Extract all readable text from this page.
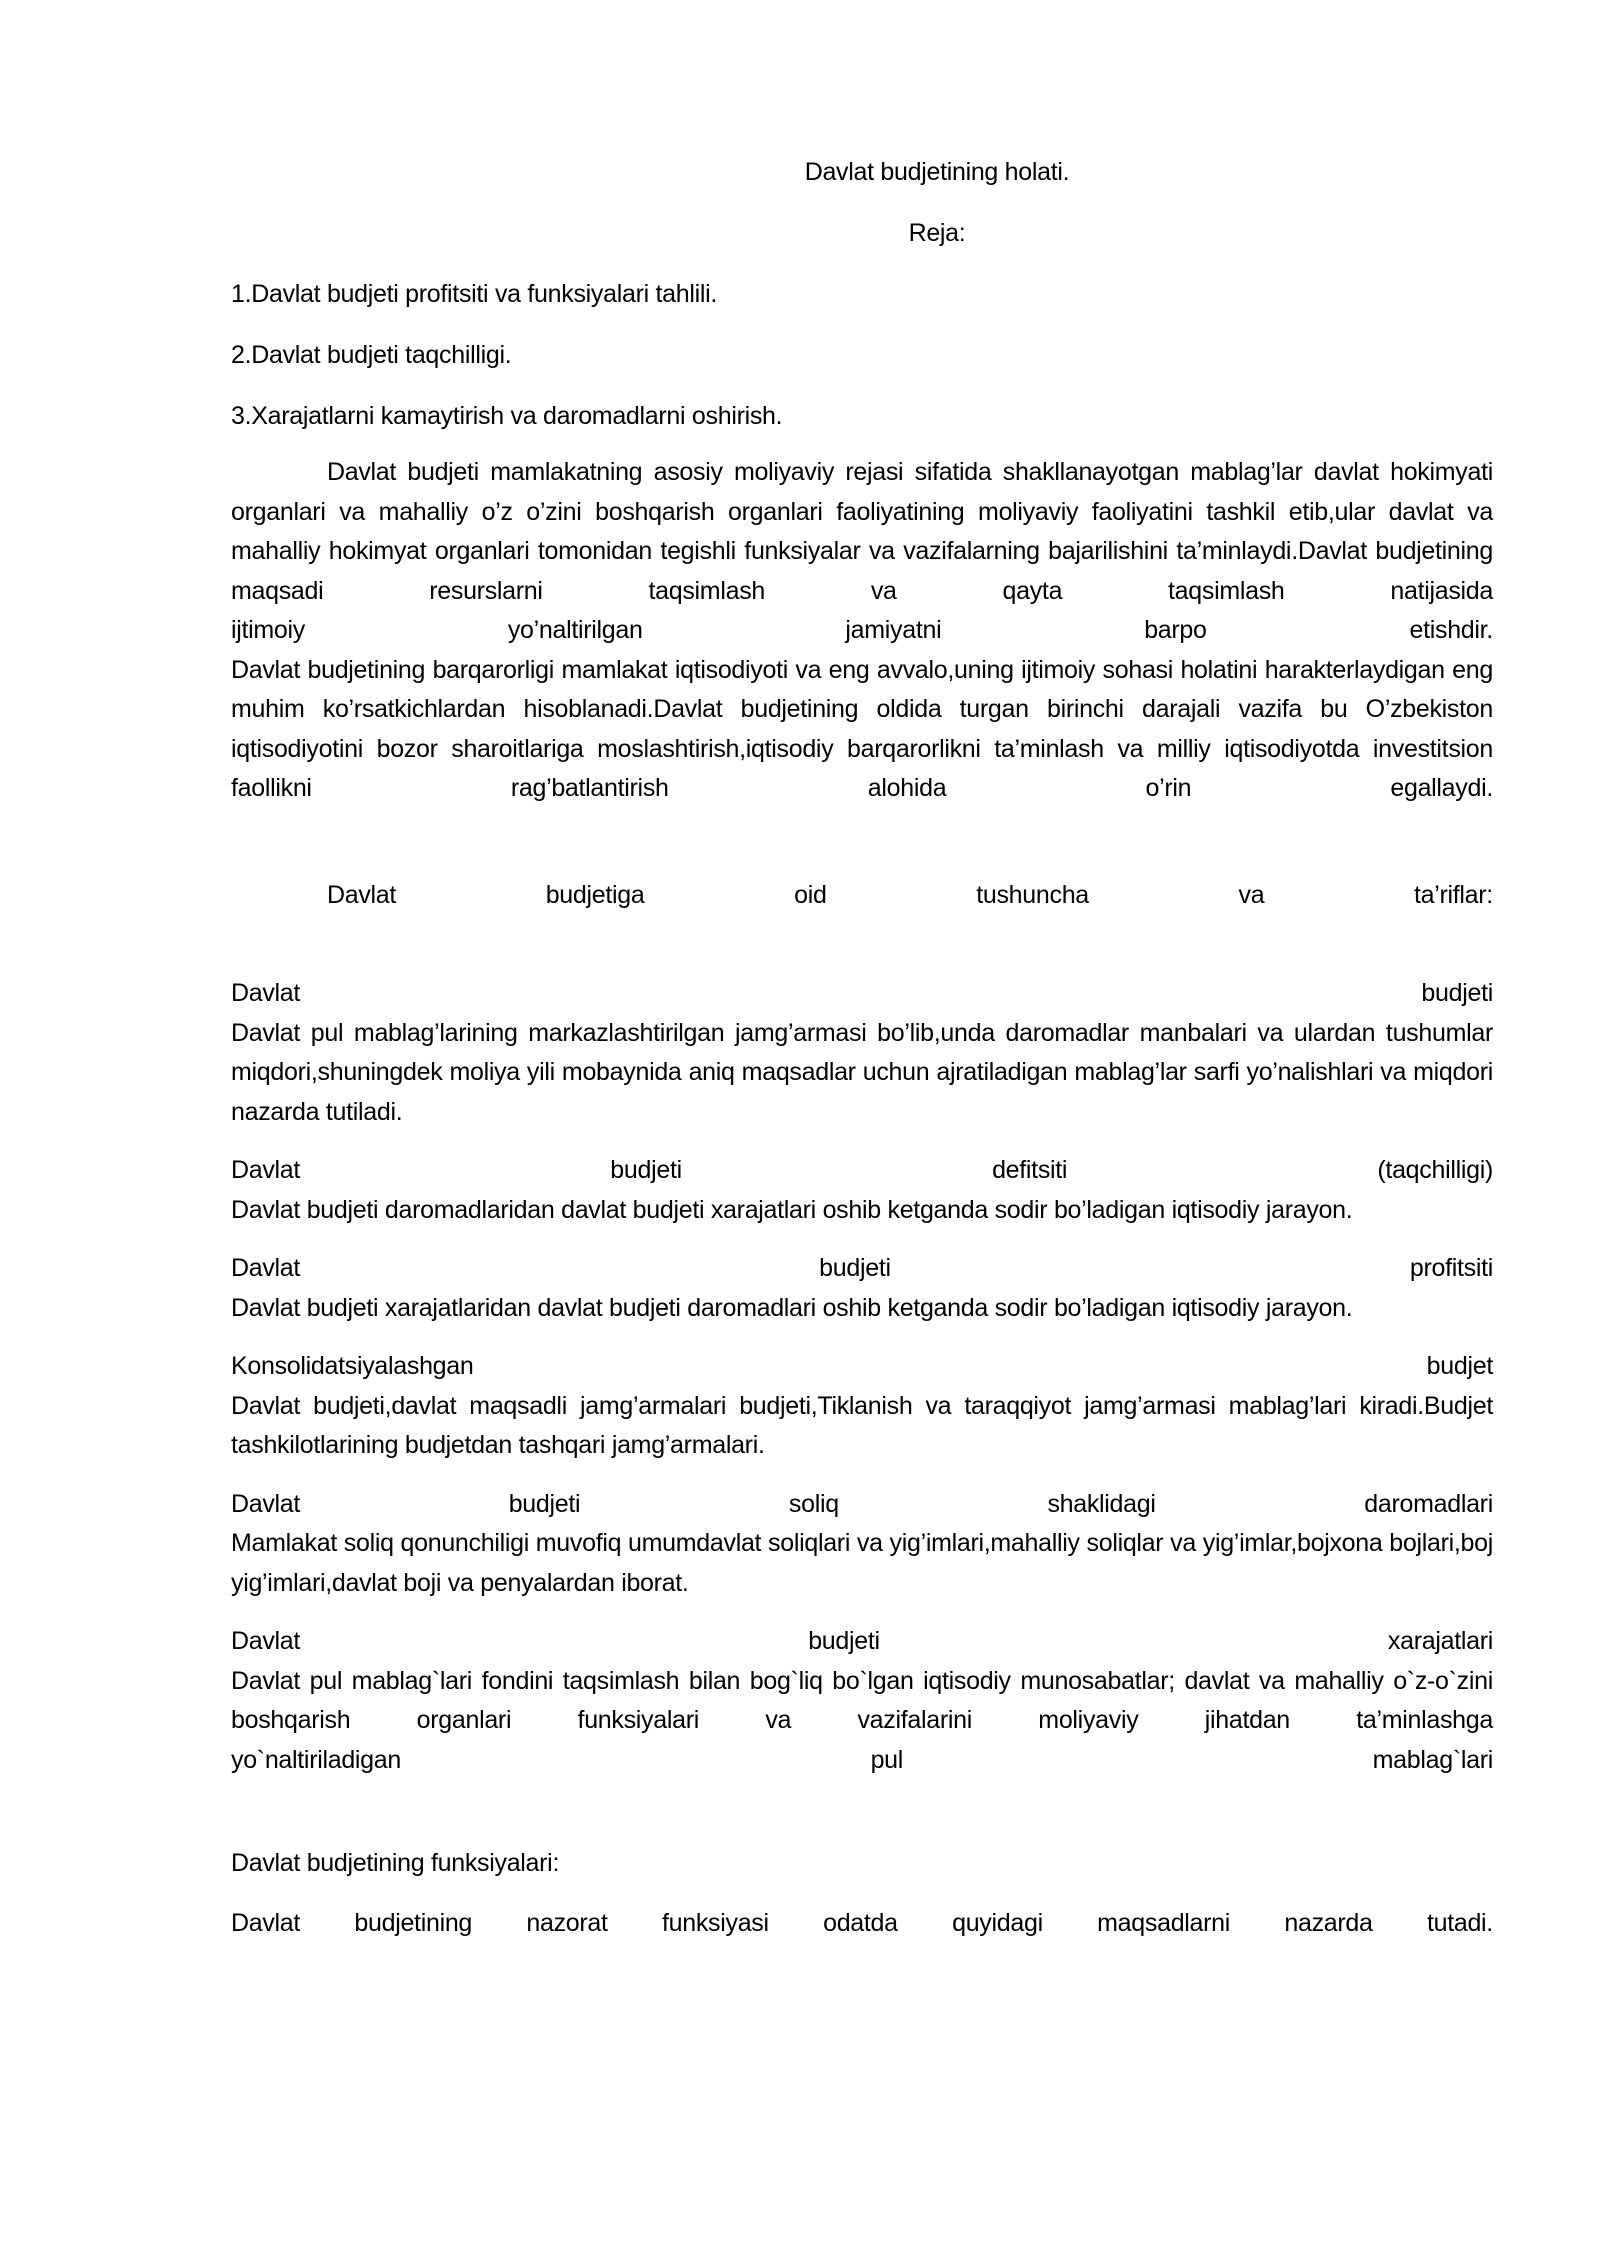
Davlat budjetining holati.

Reja:

1.Davlat budjeti profitsiti va funksiyalari tahlili.

2.Davlat budjeti taqchilligi.

3.Xarajatlarni kamaytirish va daromadlarni oshirish.

Davlat budjeti mamlakatning asosiy moliyaviy rejasi sifatida shakllanayotgan mablag’lar davlat hokimyati organlari va mahalliy o’z o’zini boshqarish organlari faoliyatining moliyaviy faoliyatini tashkil etib,ular davlat va mahalliy hokimyat organlari tomonidan tegishli funksiyalar va vazifalarning bajarilishini ta’minlaydi.Davlat budjetining maqsadi resurslarni taqsimlash va qayta taqsimlash natijasida

ijtimoiy	yo’naltirilgan	jamiyatni	barpo	etishdir.

Davlat budjetining barqarorligi mamlakat iqtisodiyoti va eng avvalo,uning ijtimoiy sohasi holatini harakterlaydigan eng muhim ko’rsatkichlardan hisoblanadi.Davlat budjetining oldida turgan birinchi darajali vazifa bu O’zbekiston iqtisodiyotini bozor sharoitlariga moslashtirish,iqtisodiy barqarorlikni ta’minlash va milliy iqtisodiyotda investitsion faollikni rag’batlantirish alohida o’rin egallaydi.

Davlat	budjetiga	oid	tushuncha	va	ta’riflar:
Davlat	budjeti

Davlat pul mablag’larining markazlashtirilgan jamg’armasi bo’lib,unda daromadlar manbalari va ulardan tushumlar miqdori,shuningdek moliya yili mobaynida aniq maqsadlar uchun ajratiladigan mablag’lar sarfi yo’nalishlari va miqdori nazarda tutiladi.

Davlat	budjeti	defitsiti	(taqchilligi)

Davlat budjeti daromadlaridan davlat budjeti xarajatlari oshib ketganda sodir bo’ladigan iqtisodiy jarayon.

Davlat	budjeti	profitsiti

Davlat budjeti xarajatlaridan davlat budjeti daromadlari oshib ketganda sodir bo’ladigan iqtisodiy jarayon.

Konsolidatsiyalashgan	budjet

Davlat budjeti,davlat maqsadli jamg’armalari budjeti,Tiklanish va taraqqiyot jamg’armasi mablag’lari kiradi.Budjet tashkilotlarining budjetdan tashqari jamg’armalari.

Davlat	budjeti	soliq	shaklidagi	daromadlari

Mamlakat soliq qonunchiligi muvofiq umumdavlat soliqlari va yig’imlari,mahalliy soliqlar va yig’imlar,bojxona bojlari,boj yig’imlari,davlat boji va penyalardan iborat.

Davlat	budjeti	xarajatlari

Davlat pul mablag`lari fondini taqsimlash bilan bog`liq bo`lgan iqtisodiy munosabatlar; davlat va mahalliy o`z-o`zini boshqarish organlari funksiyalari va vazifalarini moliyaviy jihatdan ta’minlashga

yo`naltiriladigan	pul	mablag`lari

Davlat budjetining funksiyalari:

Davlat budjetining nazorat funksiyasi odatda quyidagi maqsadlarni nazarda tutadi.
